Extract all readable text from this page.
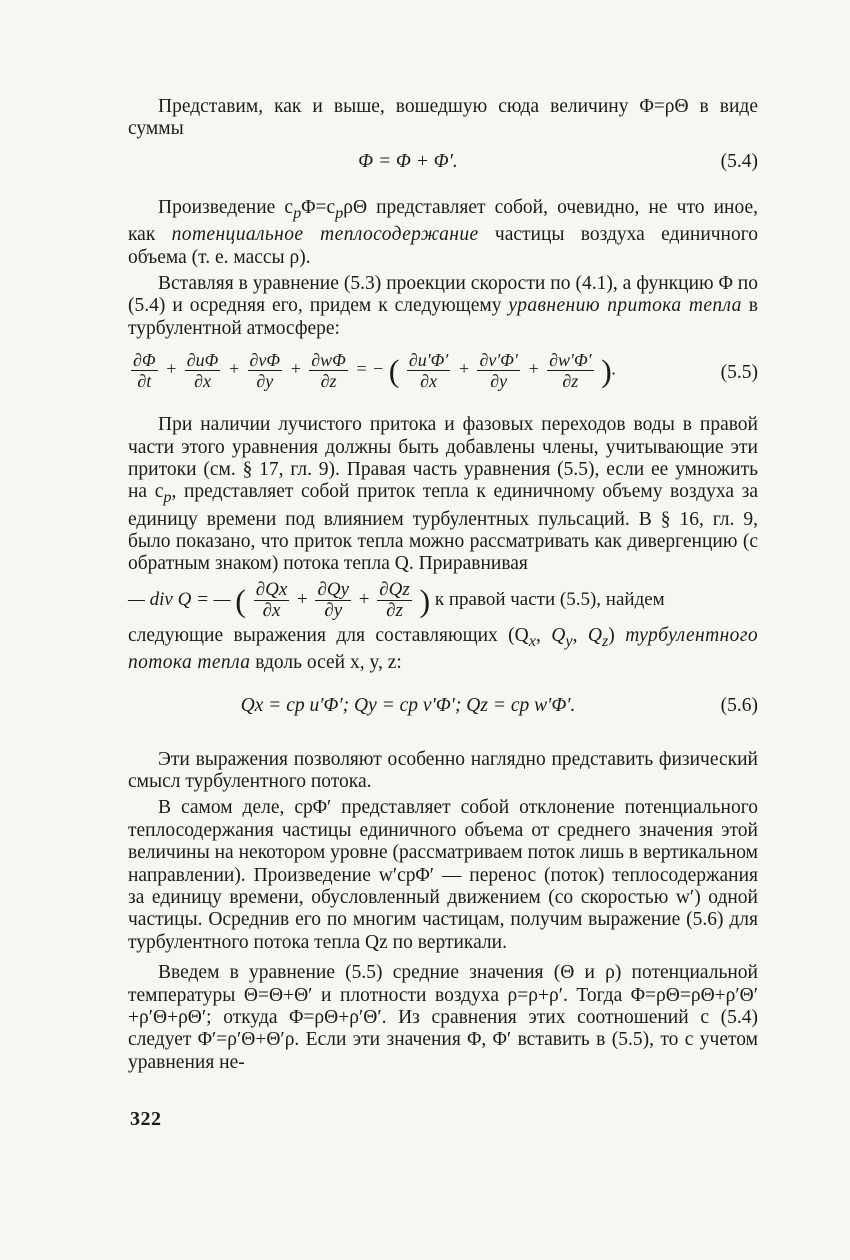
Представим, как и выше, вошедшую сюда величину Φ=ρΘ в виде суммы

Φ = Φ + Φ′.	(5.4)

Произведение $c_p\Phi=c_p\rho\Theta$ представляет собой, очевидно, не что иное, как потенциальное теплосодержание частицы воздуха единичного объема (т. е. массы ρ).

Вставляя в уравнение (5.3) проекции скорости по (4.1), а функцию Φ по (5.4) и осредняя его, придем к следующему уравнению притока тепла в турбулентной атмосфере:

$\frac{\partial\Phi}{\partial t} + \frac{\partial u\Phi}{\partial x} + \frac{\partial v\Phi}{\partial y} + \frac{\partial w\Phi}{\partial z}$ = − ( $\frac{\partial u'\Phi'}{\partial x} + \frac{\partial v'\Phi'}{\partial y} + \frac{\partial w'\Phi'}{\partial z}$ ).	(5.5)

При наличии лучистого притока и фазовых переходов воды в правой части этого уравнения должны быть добавлены члены, учитывающие эти притоки (см. § 17, гл. 9). Правая часть уравнения (5.5), если ее умножить на $c_p$, представляет собой приток тепла к единичному объему воздуха за единицу времени под влиянием турбулентных пульсаций. В § 16, гл. 9, было показано, что приток тепла можно рассматривать как дивергенцию (с обратным знаком) потока тепла Q. Приравнивая

— div Q = — ( $\frac{\partial Qx}{\partial x} + \frac{\partial Qy}{\partial y} + \frac{\partial Qz}{\partial z}$ ) к правой части (5.5), найдем

следующие выражения для составляющих ($Q_x$, $Q_y$, $Q_z$) турбулентного потока тепла вдоль осей x, y, z:

Qx = cp u′Φ′; Qy = cp v′Φ′; Qz = cp w′Φ′.	(5.6)

Эти выражения позволяют особенно наглядно представить физический смысл турбулентного потока.

В самом деле, cpΦ′ представляет собой отклонение потенциального теплосодержания частицы единичного объема от среднего значения этой величины на некотором уровне (рассматриваем поток лишь в вертикальном направлении). Произведение w′cpΦ′ — перенос (поток) теплосодержания за единицу времени, обусловленный движением (со скоростью w′) одной частицы. Осреднив его по многим частицам, получим выражение (5.6) для турбулентного потока тепла Qz по вертикали.

Введем в уравнение (5.5) средние значения (Θ и ρ) потенциальной температуры Θ=Θ+Θ′ и плотности воздуха ρ=ρ+ρ′. Тогда Φ=ρΘ=ρΘ+ρ′Θ′+ρ′Θ+ρΘ′; откуда Φ=ρΘ+ρ′Θ′. Из сравнения этих соотношений с (5.4) следует Φ′=ρ′Θ+Θ′ρ. Если эти значения Φ, Φ′ вставить в (5.5), то с учетом уравнения не-

322
